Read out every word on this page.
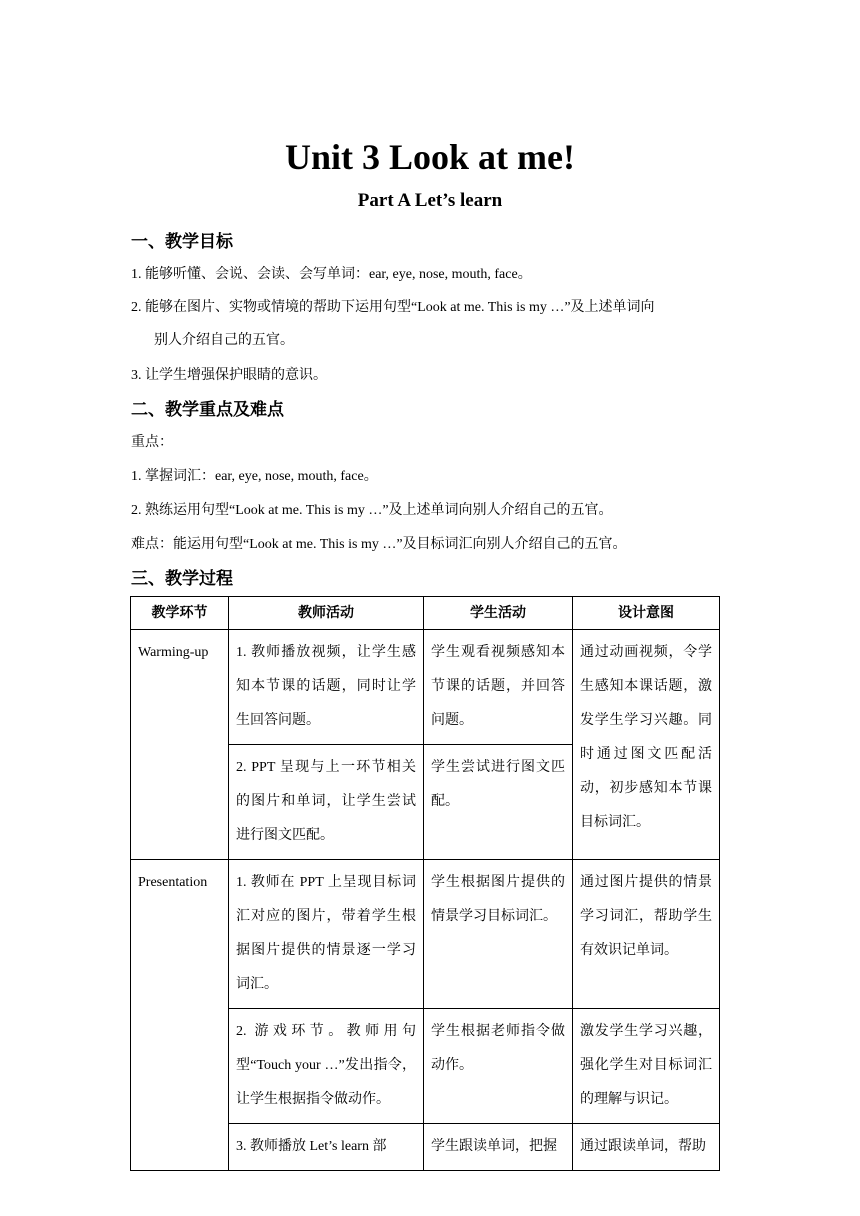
Unit 3 Look at me!
Part A Let’s learn
一、教学目标
1. 能够听懂、会说、会读、会写单词：ear, eye, nose, mouth, face。
2. 能够在图片、实物或情境的帮助下运用句型“Look at me. This is my …”及上述单词向
别人介绍自己的五官。
3. 让学生增强保护眼睛的意识。
二、教学重点及难点
重点：
1. 掌握词汇：ear, eye, nose, mouth, face。
2. 熟练运用句型“Look at me. This is my …”及上述单词向别人介绍自己的五官。
难点：能运用句型“Look at me. This is my …”及目标词汇向别人介绍自己的五官。
三、教学过程
教学环节	教师活动	学生活动	设计意图
Warming-up	1. 教师播放视频，让学生感知本节课的话题，同时让学生回答问题。	学生观看视频感知本节课的话题，并回答问题。	通过动画视频，令学生感知本课话题，激发学生学习兴趣。同时通过图文匹配活动，初步感知本节课目标词汇。
	2. PPT 呈现与上一环节相关的图片和单词，让学生尝试进行图文匹配。	学生尝试进行图文匹配。	
Presentation	1. 教师在 PPT 上呈现目标词汇对应的图片，带着学生根据图片提供的情景逐一学习词汇。	学生根据图片提供的情景学习目标词汇。	通过图片提供的情景学习词汇，帮助学生有效识记单词。
	2. 游戏环节。教师用句型“Touch your …”发出指令，让学生根据指令做动作。	学生根据老师指令做动作。	激发学生学习兴趣，强化学生对目标词汇的理解与识记。
	3. 教师播放 Let’s learn 部	学生跟读单词，把握	通过跟读单词，帮助
